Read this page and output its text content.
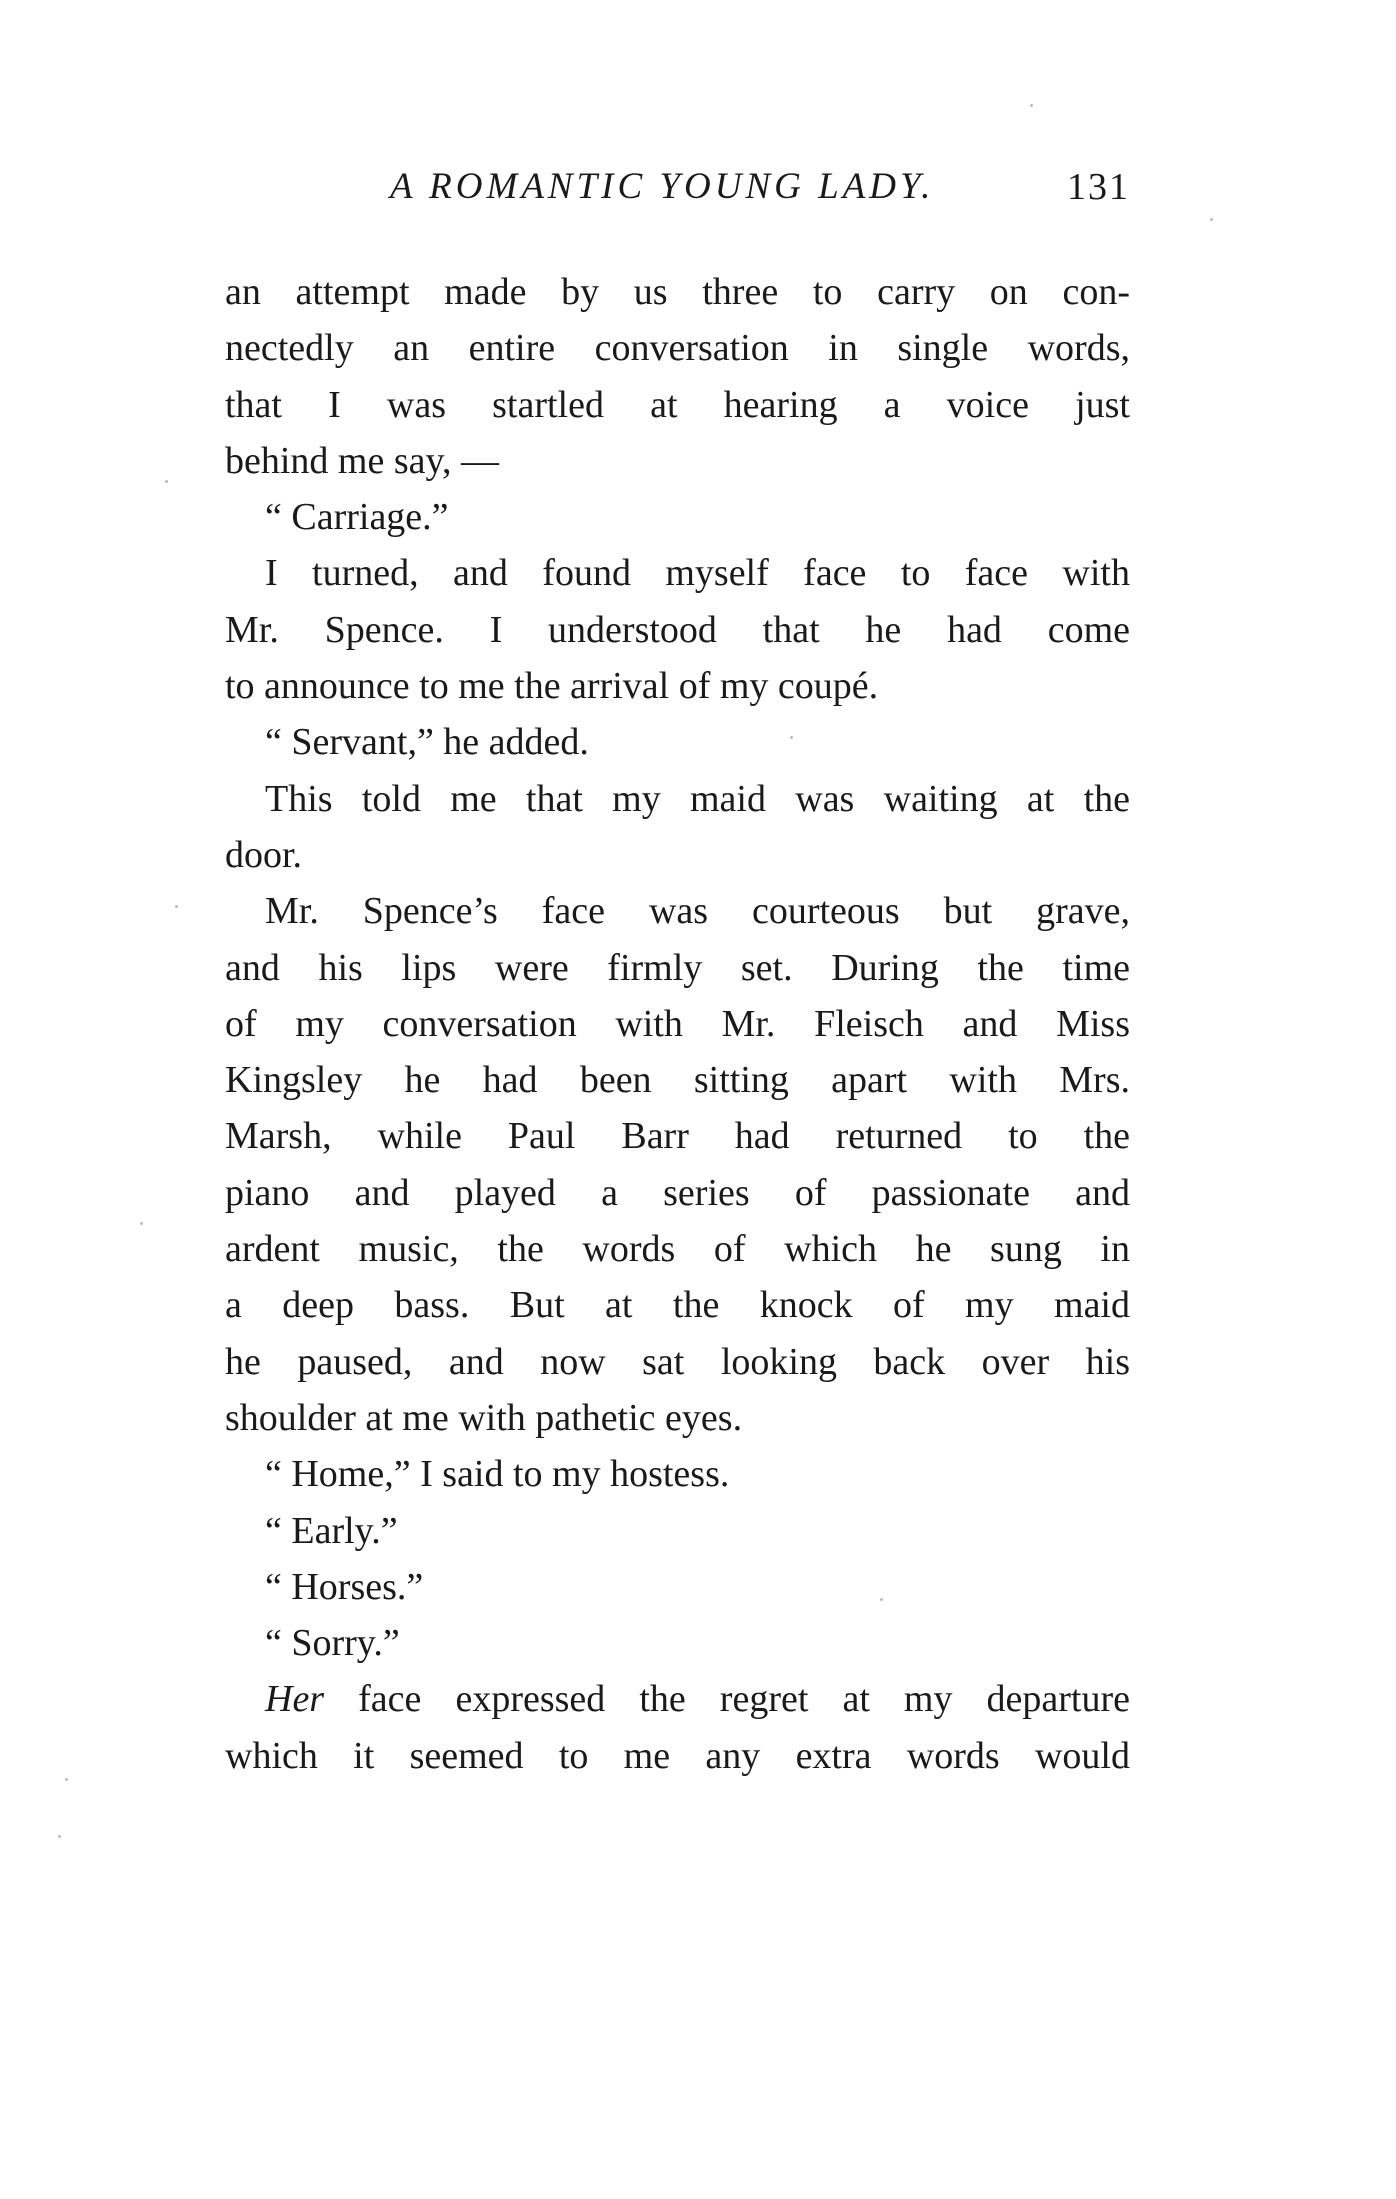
A ROMANTIC YOUNG LADY.	131
an attempt made by us three to carry on con-
nectedly an entire conversation in single words,
that I was startled at hearing a voice just
behind me say, —
“ Carriage.”
I turned, and found myself face to face with
Mr. Spence. I understood that he had come
to announce to me the arrival of my coupé.
“ Servant,” he added.
This told me that my maid was waiting at the
door.
Mr. Spence’s face was courteous but grave,
and his lips were firmly set. During the time
of my conversation with Mr. Fleisch and Miss
Kingsley he had been sitting apart with Mrs.
Marsh, while Paul Barr had returned to the
piano and played a series of passionate and
ardent music, the words of which he sung in
a deep bass. But at the knock of my maid
he paused, and now sat looking back over his
shoulder at me with pathetic eyes.
“ Home,” I said to my hostess.
“ Early.”
“ Horses.”
“ Sorry.”
Her face expressed the regret at my departure
which it seemed to me any extra words would
